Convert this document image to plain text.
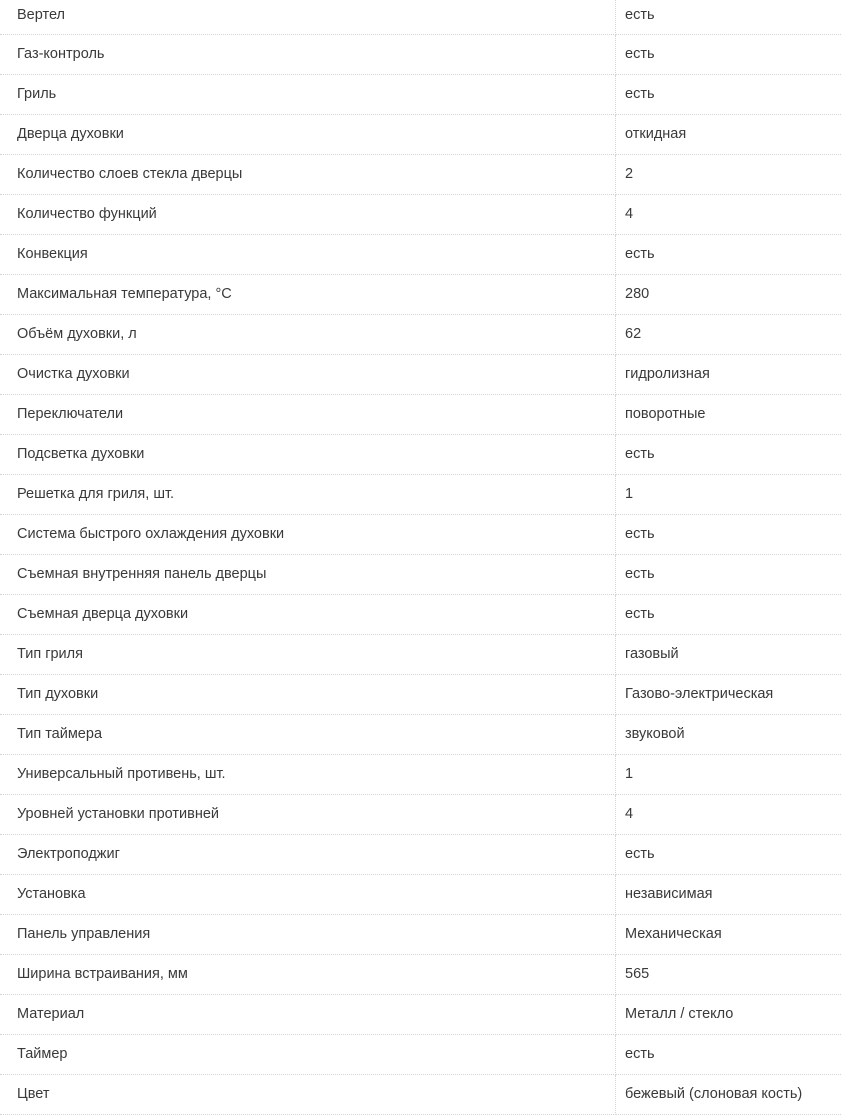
Вертел	есть
Газ-контроль	есть
Гриль	есть
Дверца духовки	откидная
Количество слоев стекла дверцы	2
Количество функций	4
Конвекция	есть
Максимальная температура, °C	280
Объём духовки, л	62
Очистка духовки	гидролизная
Переключатели	поворотные
Подсветка духовки	есть
Решетка для гриля, шт.	1
Система быстрого охлаждения духовки	есть
Съемная внутренняя панель дверцы	есть
Съемная дверца духовки	есть
Тип гриля	газовый
Тип духовки	Газово-электрическая
Тип таймера	звуковой
Универсальный противень, шт.	1
Уровней установки противней	4
Электроподжиг	есть
Установка	независимая
Панель управления	Механическая
Ширина встраивания, мм	565
Материал	Металл / стекло
Таймер	есть
Цвет	бежевый (слоновая кость)
